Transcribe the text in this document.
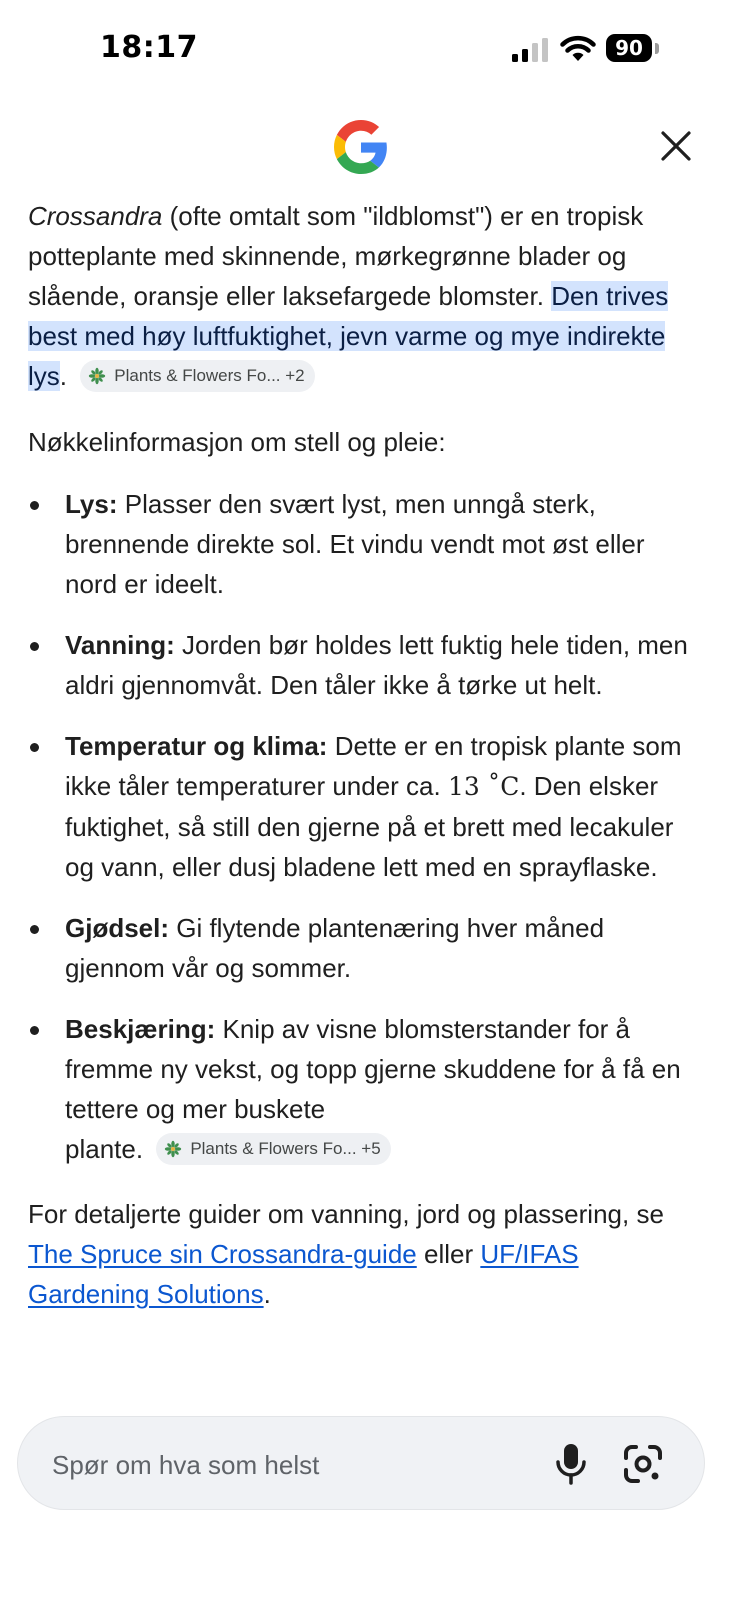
18:17	90

Crossandra (ofte omtalt som "ildblomst") er en tropisk potteplante med skinnende, mørkegrønne blader og slående, oransje eller laksefargede blomster. Den trives best med høy luftfuktighet, jevn varme og mye indirekte lys.	Plants & Flowers Fo... +2

Nøkkelinformasjon om stell og pleie:

Lys: Plasser den svært lyst, men unngå sterk, brennende direkte sol. Et vindu vendt mot øst eller nord er ideelt.
Vanning: Jorden bør holdes lett fuktig hele tiden, men aldri gjennomvåt. Den tåler ikke å tørke ut helt.
Temperatur og klima: Dette er en tropisk plante som ikke tåler temperaturer under ca. 13 ˚C. Den elsker fuktighet, så still den gjerne på et brett med lecakuler og vann, eller dusj bladene lett med en sprayflaske.
Gjødsel: Gi flytende plantenæring hver måned gjennom vår og sommer.
Beskjæring: Knip av visne blomsterstander for å fremme ny vekst, og topp gjerne skuddene for å få en tettere og mer buskete
plante.	Plants & Flowers Fo... +5

For detaljerte guider om vanning, jord og plassering, se The Spruce sin Crossandra-guide eller UF/IFAS Gardening Solutions.

Spør om hva som helst
